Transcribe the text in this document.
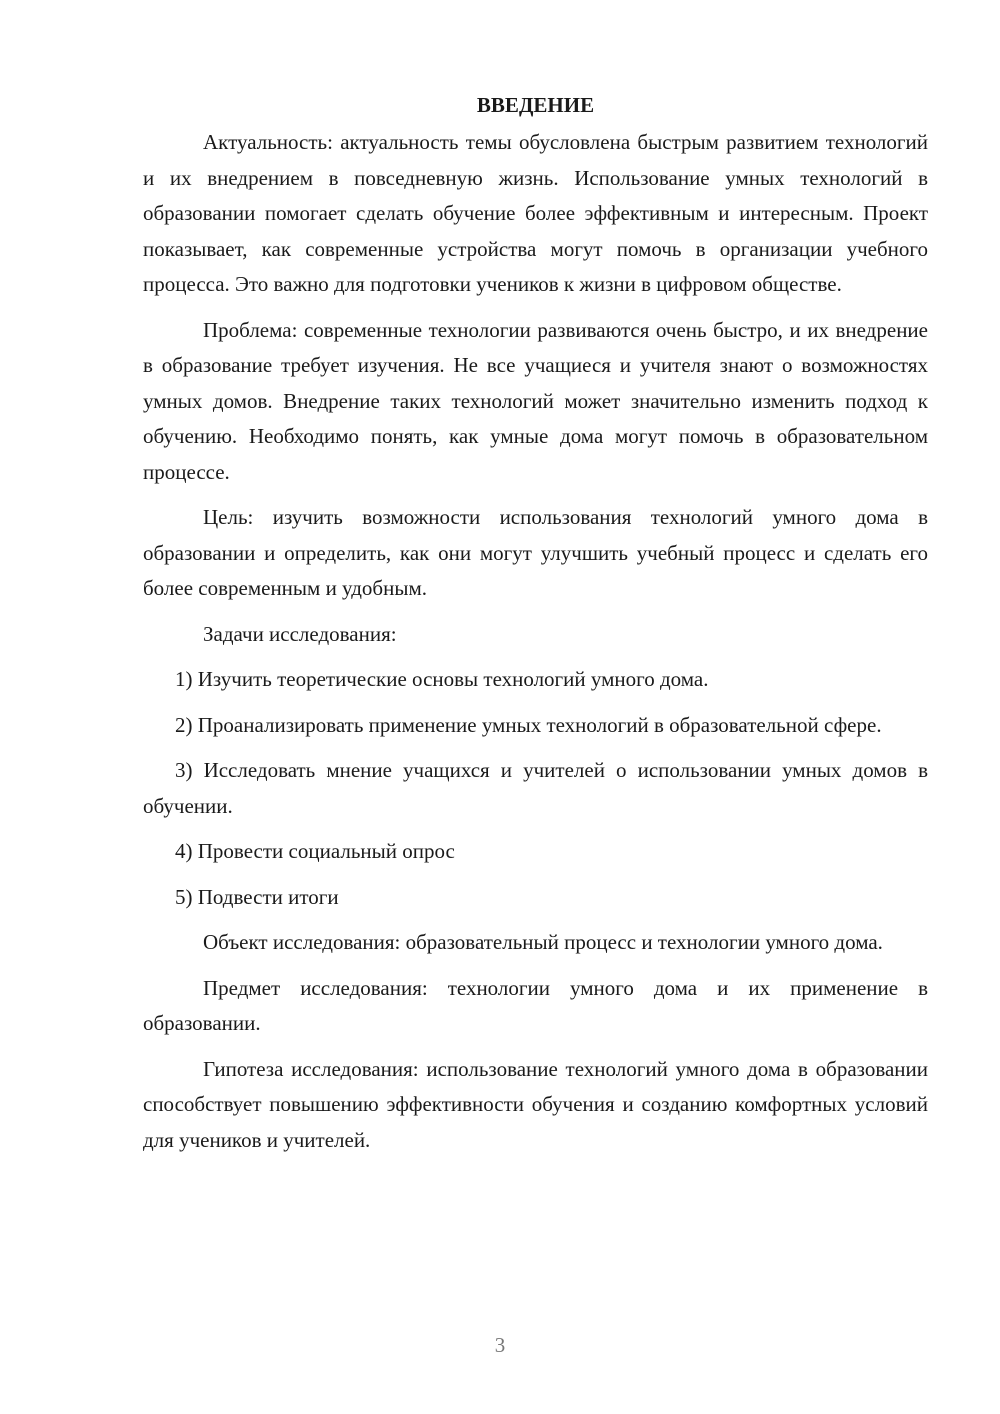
ВВЕДЕНИЕ

Актуальность: актуальность темы обусловлена быстрым развитием технологий и их внедрением в повседневную жизнь. Использование умных технологий в образовании помогает сделать обучение более эффективным и интересным. Проект показывает, как современные устройства могут помочь в организации учебного процесса. Это важно для подготовки учеников к жизни в цифровом обществе.

Проблема: современные технологии развиваются очень быстро, и их внедрение в образование требует изучения. Не все учащиеся и учителя знают о возможностях умных домов. Внедрение таких технологий может значительно изменить подход к обучению. Необходимо понять, как умные дома могут помочь в образовательном процессе.

Цель: изучить возможности использования технологий умного дома в образовании и определить, как они могут улучшить учебный процесс и сделать его более современным и удобным.

Задачи исследования:

1) Изучить теоретические основы технологий умного дома.

2) Проанализировать применение умных технологий в образовательной сфере.

3) Исследовать мнение учащихся и учителей о использовании умных домов в обучении.

4) Провести социальный опрос

5) Подвести итоги

Объект исследования: образовательный процесс и технологии умного дома.

Предмет исследования: технологии умного дома и их применение в образовании.

Гипотеза исследования: использование технологий умного дома в образовании способствует повышению эффективности обучения и созданию комфортных условий для учеников и учителей.

3
